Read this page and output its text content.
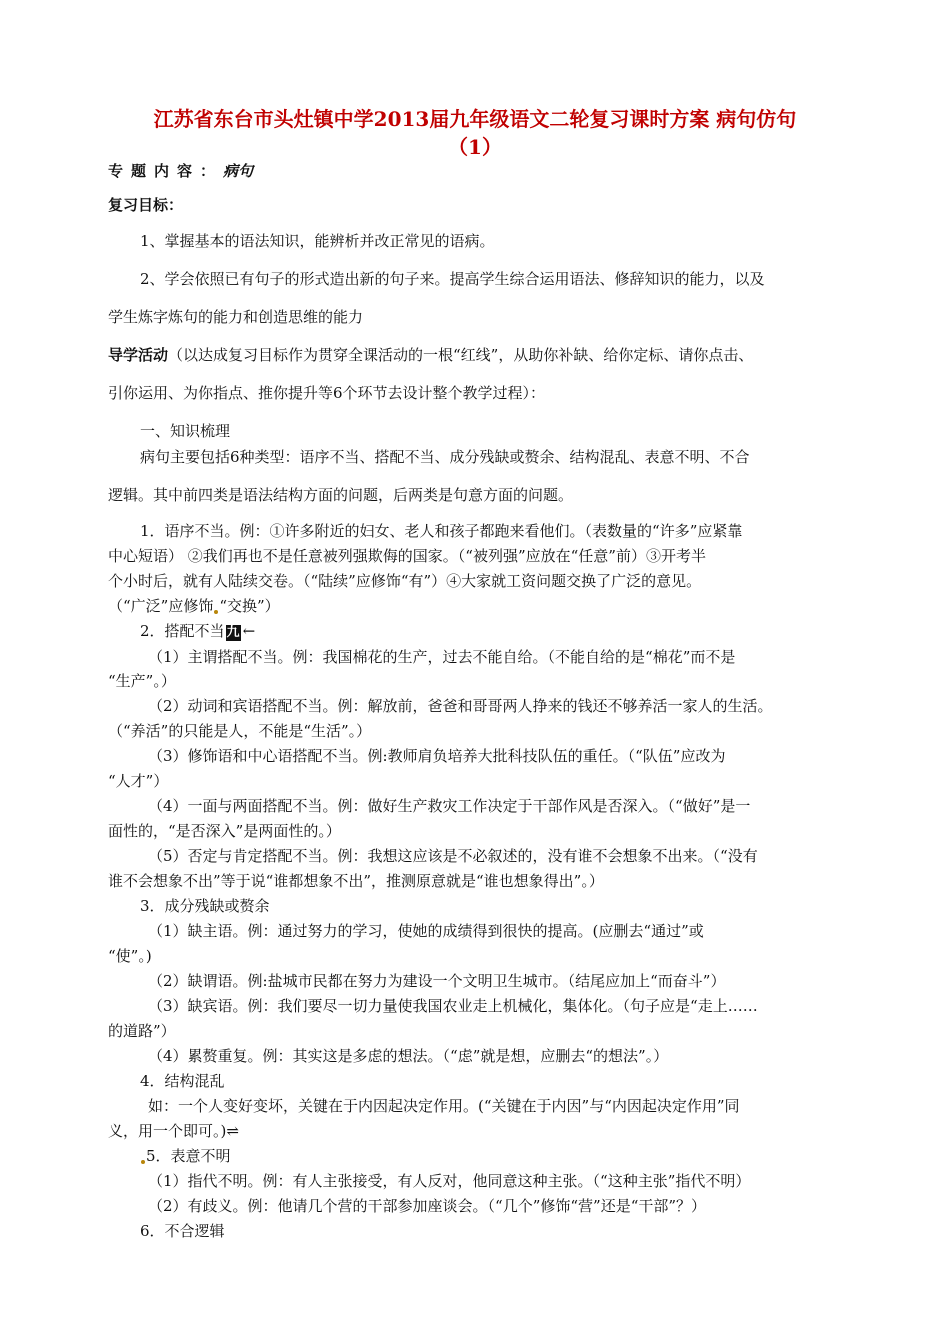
江苏省东台市头灶镇中学2013届九年级语文二轮复习课时方案 病句仿句
（1）
专题内容：病句
复习目标：
1、掌握基本的语法知识，能辨析并改正常见的语病。
2、学会依照已有句子的形式造出新的句子来。提高学生综合运用语法、修辞知识的能力，以及
学生炼字炼句的能力和创造思维的能力
导学活动（以达成复习目标作为贯穿全课活动的一根“红线”，从助你补缺、给你定标、请你点击、
引你运用、为你指点、推你提升等6个环节去设计整个教学过程）：
一、知识梳理
病句主要包括6种类型：语序不当、搭配不当、成分残缺或赘余、结构混乱、表意不明、不合
逻辑。其中前四类是语法结构方面的问题，后两类是句意方面的问题。
1．语序不当。例：①许多附近的妇女、老人和孩子都跑来看他们。（表数量的“许多”应紧靠
中心短语） ②我们再也不是任意被列强欺侮的国家。（“被列强”应放在“任意”前）③开考半
个小时后，就有人陆续交卷。（“陆续”应修饰“有”）④大家就工资问题交换了广泛的意见。
（“广泛”应修饰 “交换”）
2．搭配不当 九 ←
（1）主谓搭配不当。例：我国棉花的生产，过去不能自给。（不能自给的是“棉花”而不是
“生产”。）
（2）动词和宾语搭配不当。例：解放前，爸爸和哥哥两人挣来的钱还不够养活一家人的生活。
（“养活”的只能是人，不能是“生活”。）
（3）修饰语和中心语搭配不当。例:教师肩负培养大批科技队伍的重任。（“队伍”应改为
“人才”）
（4）一面与两面搭配不当。例：做好生产救灾工作决定于干部作风是否深入。（“做好”是一
面性的，“是否深入”是两面性的。）
（5）否定与肯定搭配不当。例：我想这应该是不必叙述的，没有谁不会想象不出来。（“没有
谁不会想象不出”等于说“谁都想象不出”，推测原意就是“谁也想象得出”。）
3．成分残缺或赘余
（1）缺主语。例：通过努力的学习，使她的成绩得到很快的提高。(应删去“通过”或
“使”。)
（2）缺谓语。例:盐城市民都在努力为建设一个文明卫生城市。（结尾应加上“而奋斗”）
（3）缺宾语。例：我们要尽一切力量使我国农业走上机械化，集体化。（句子应是“走上……
的道路”）
（4）累赘重复。例：其实这是多虑的想法。（“虑”就是想，应删去“的想法”。）
4．结构混乱
如：一个人变好变坏，关键在于内因起决定作用。(“关键在于内因”与“内因起决定作用”同
义，用一个即可。)⇌
5．表意不明
（1）指代不明。例：有人主张接受，有人反对，他同意这种主张。（“这种主张”指代不明）
（2）有歧义。例：他请几个营的干部参加座谈会。（“几个”修饰“营”还是“干部”？）
6．不合逻辑
